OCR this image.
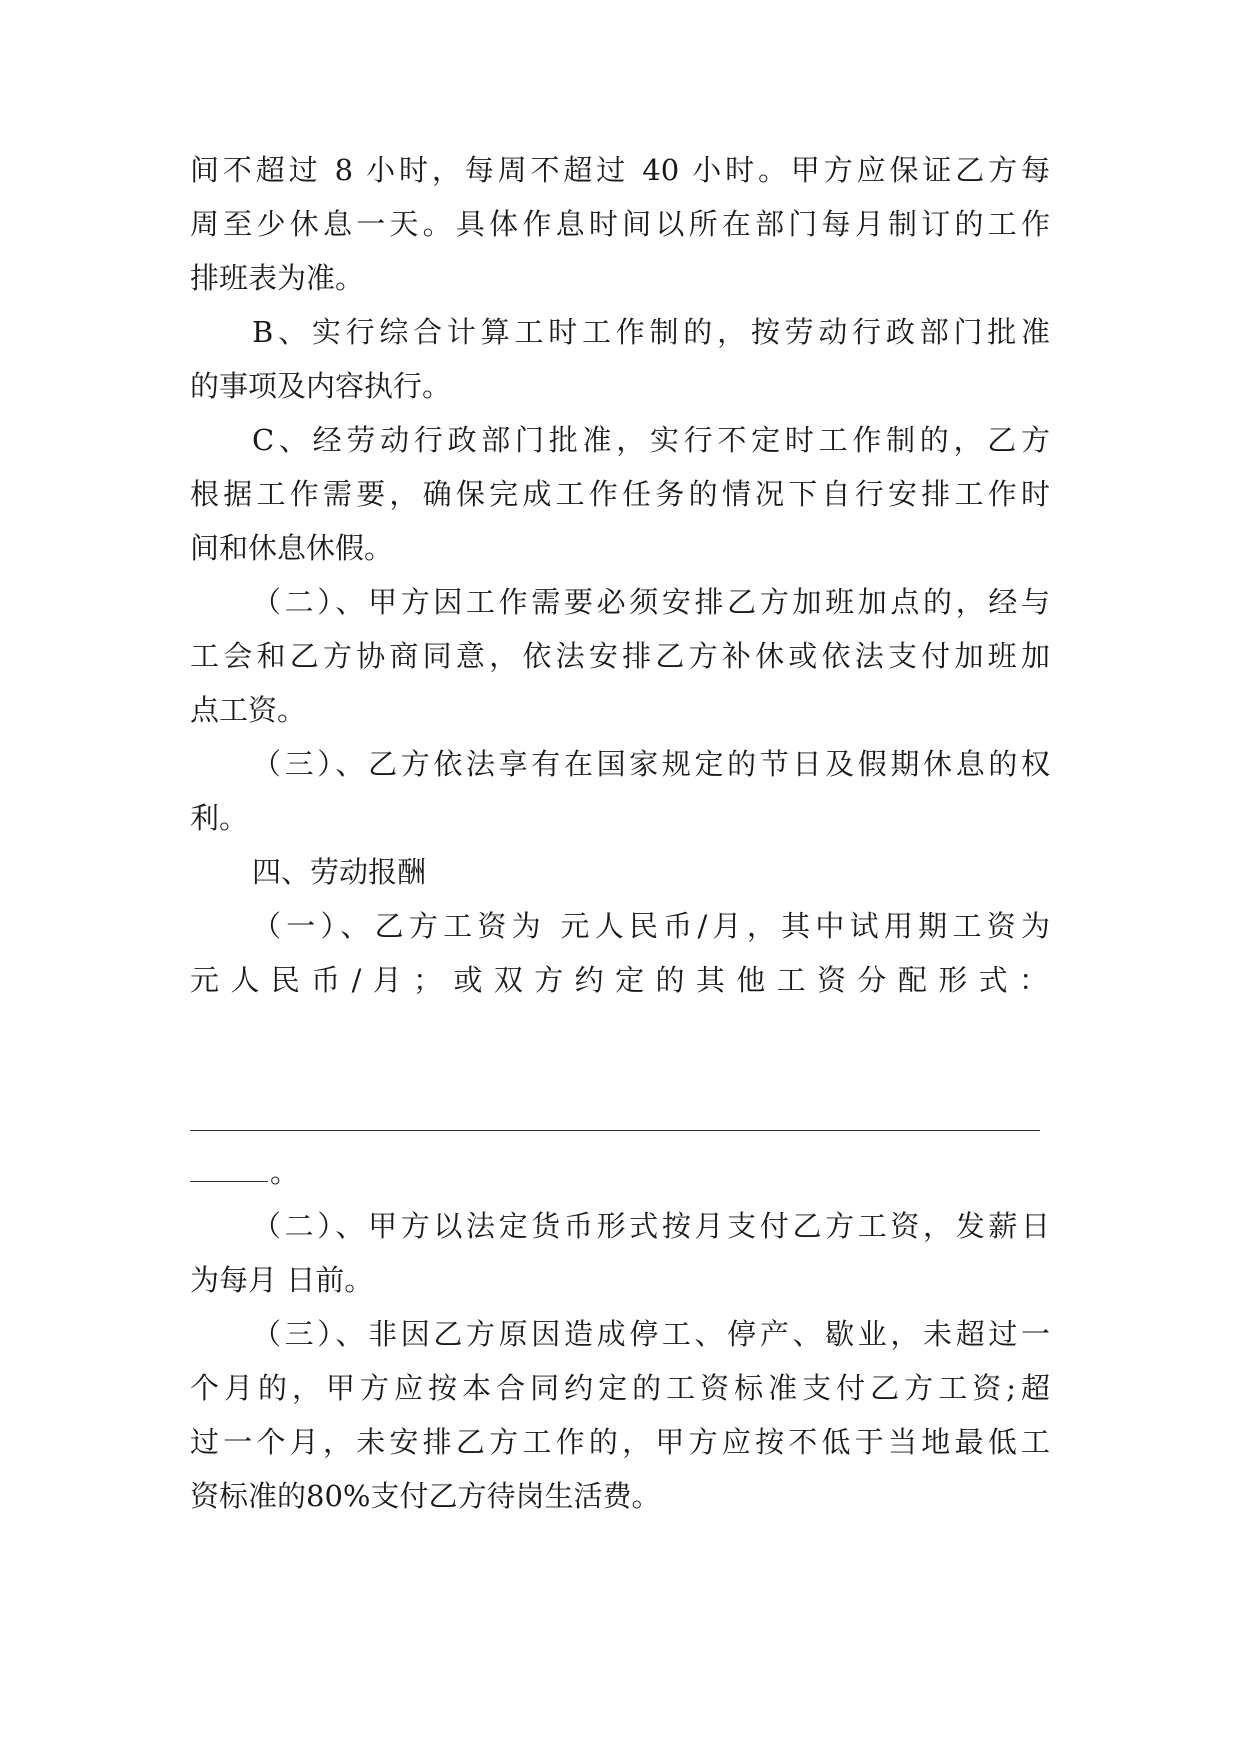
间不超过 8 小时，每周不超过 40 小时。甲方应保证乙方每
周至少休息一天。具体作息时间以所在部门每月制订的工作
排班表为准。
B、实行综合计算工时工作制的，按劳动行政部门批准
的事项及内容执行。
C、经劳动行政部门批准，实行不定时工作制的，乙方
根据工作需要，确保完成工作任务的情况下自行安排工作时
间和休息休假。
（二）、甲方因工作需要必须安排乙方加班加点的，经与
工会和乙方协商同意，依法安排乙方补休或依法支付加班加
点工资。
（三）、乙方依法享有在国家规定的节日及假期休息的权
利。
四、劳动报酬
（一）、乙方工资为 元人民币/月，其中试用期工资为
元人民币/月；或双方约定的其他工资分配形式：
。
（二）、甲方以法定货币形式按月支付乙方工资，发薪日
为每月 日前。
（三）、非因乙方原因造成停工、停产、歇业，未超过一
个月的，甲方应按本合同约定的工资标准支付乙方工资;超
过一个月，未安排乙方工作的，甲方应按不低于当地最低工
资标准的80%支付乙方待岗生活费。
